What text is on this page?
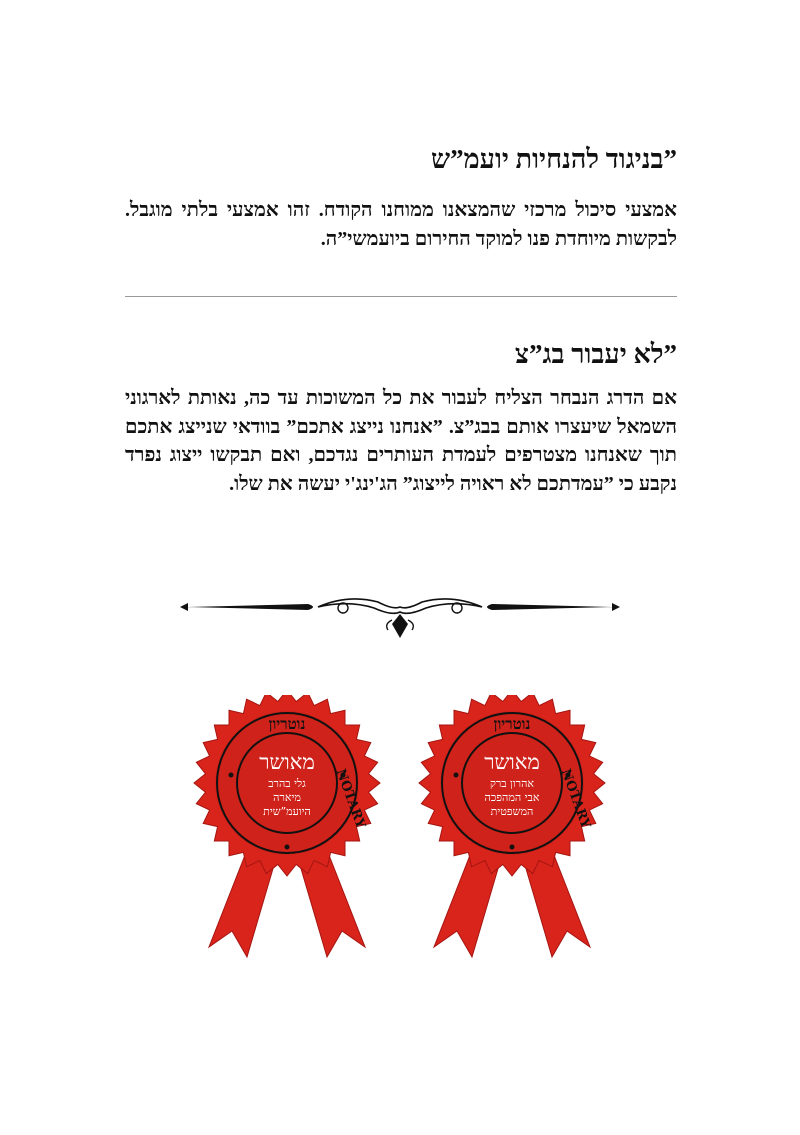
”בניגוד להנחיות יועמ”ש
אמצעי סיכול מרכזי שהמצאנו ממוחנו הקודח. זהו אמצעי בלתי מוגבל. לבקשות מיוחדת פנו למוקד החירום ביועמשי”ה.
”לא יעבור בג”צ
אם הדרג הנבחר הצליח לעבור את כל המשוכות עד כה, נאותת לארגוני השמאל שיעצרו אותם בבג”צ. ”אנחנו נייצג אתכם” בוודאי שנייצג אתכם תוך שאנחנו מצטרפים לעמדת העותרים נגדכם, ואם תבקשו ייצוג נפרד נקבע כי ”עמדתכם לא ראויה לייצוג” הג'ינג'י יעשה את שלו.
נוטריון
NOTARY
מאושר
גלי בהרב
מיארה
היועמ”שית
נוטריון
NOTARY
מאושר
אהרון ברק
אבי המהפכה
המשפטית
